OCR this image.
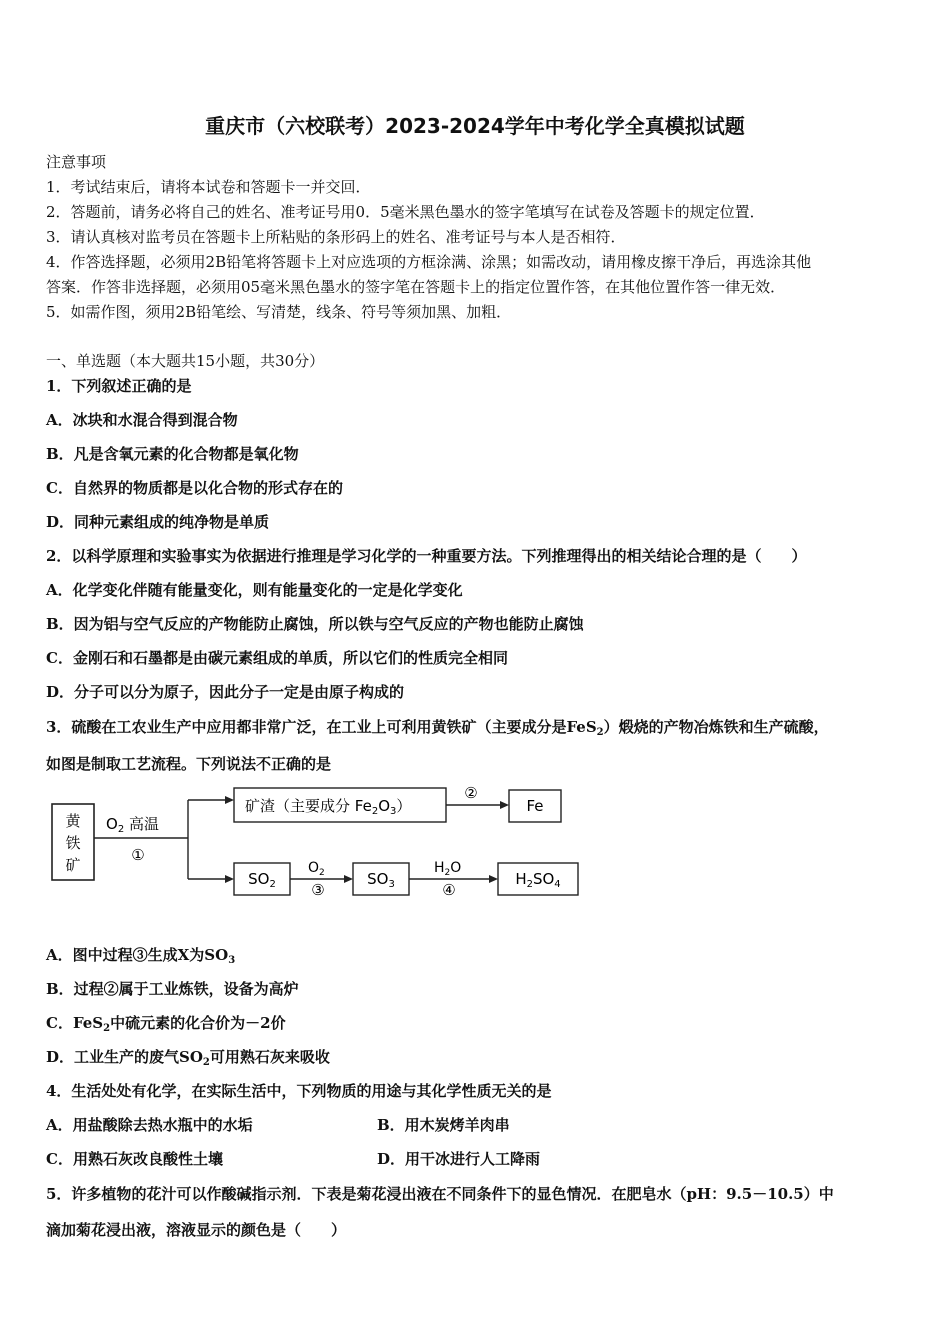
重庆市（六校联考）2023-2024学年中考化学全真模拟试题
注意事项
1．考试结束后，请将本试卷和答题卡一并交回．
2．答题前，请务必将自己的姓名、准考证号用0．5毫米黑色墨水的签字笔填写在试卷及答题卡的规定位置．
3．请认真核对监考员在答题卡上所粘贴的条形码上的姓名、准考证号与本人是否相符．
4．作答选择题，必须用2B铅笔将答题卡上对应选项的方框涂满、涂黑；如需改动，请用橡皮擦干净后，再选涂其他
答案．作答非选择题，必须用05毫米黑色墨水的签字笔在答题卡上的指定位置作答，在其他位置作答一律无效．
5．如需作图，须用2B铅笔绘、写清楚，线条、符号等须加黑、加粗．
一、单选题（本大题共15小题，共30分）
1．下列叙述正确的是
A．冰块和水混合得到混合物
B．凡是含氧元素的化合物都是氧化物
C．自然界的物质都是以化合物的形式存在的
D．同种元素组成的纯净物是单质
2．以科学原理和实验事实为依据进行推理是学习化学的一种重要方法。下列推理得出的相关结论合理的是（　　）
A．化学变化伴随有能量变化，则有能量变化的一定是化学变化
B．因为铝与空气反应的产物能防止腐蚀，所以铁与空气反应的产物也能防止腐蚀
C．金刚石和石墨都是由碳元素组成的单质，所以它们的性质完全相同
D．分子可以分为原子，因此分子一定是由原子构成的
3．硫酸在工农业生产中应用都非常广泛，在工业上可利用黄铁矿（主要成分是FeS$_2$）煅烧的产物冶炼铁和生产硫酸，
如图是制取工艺流程。下列说法不正确的是
黄
铁
矿
$O_2$ 高温
①
矿渣（主要成分 $Fe_2O_3$）
②
Fe
$SO_2$
$O_2$
③
$SO_3$
$H_2O$
④
$H_2SO_4$
A．图中过程③生成X为$SO_3$
B．过程②属于工业炼铁，设备为高炉
C．FeS$_2$中硫元素的化合价为－2价
D．工业生产的废气$SO_2$可用熟石灰来吸收
4．生活处处有化学，在实际生活中，下列物质的用途与其化学性质无关的是
A．用盐酸除去热水瓶中的水垢	B．用木炭烤羊肉串
C．用熟石灰改良酸性土壤	D．用干冰进行人工降雨
5．许多植物的花汁可以作酸碱指示剂．下表是菊花浸出液在不同条件下的显色情况．在肥皂水（pH：9.5－10.5）中
滴加菊花浸出液，溶液显示的颜色是（　　）
